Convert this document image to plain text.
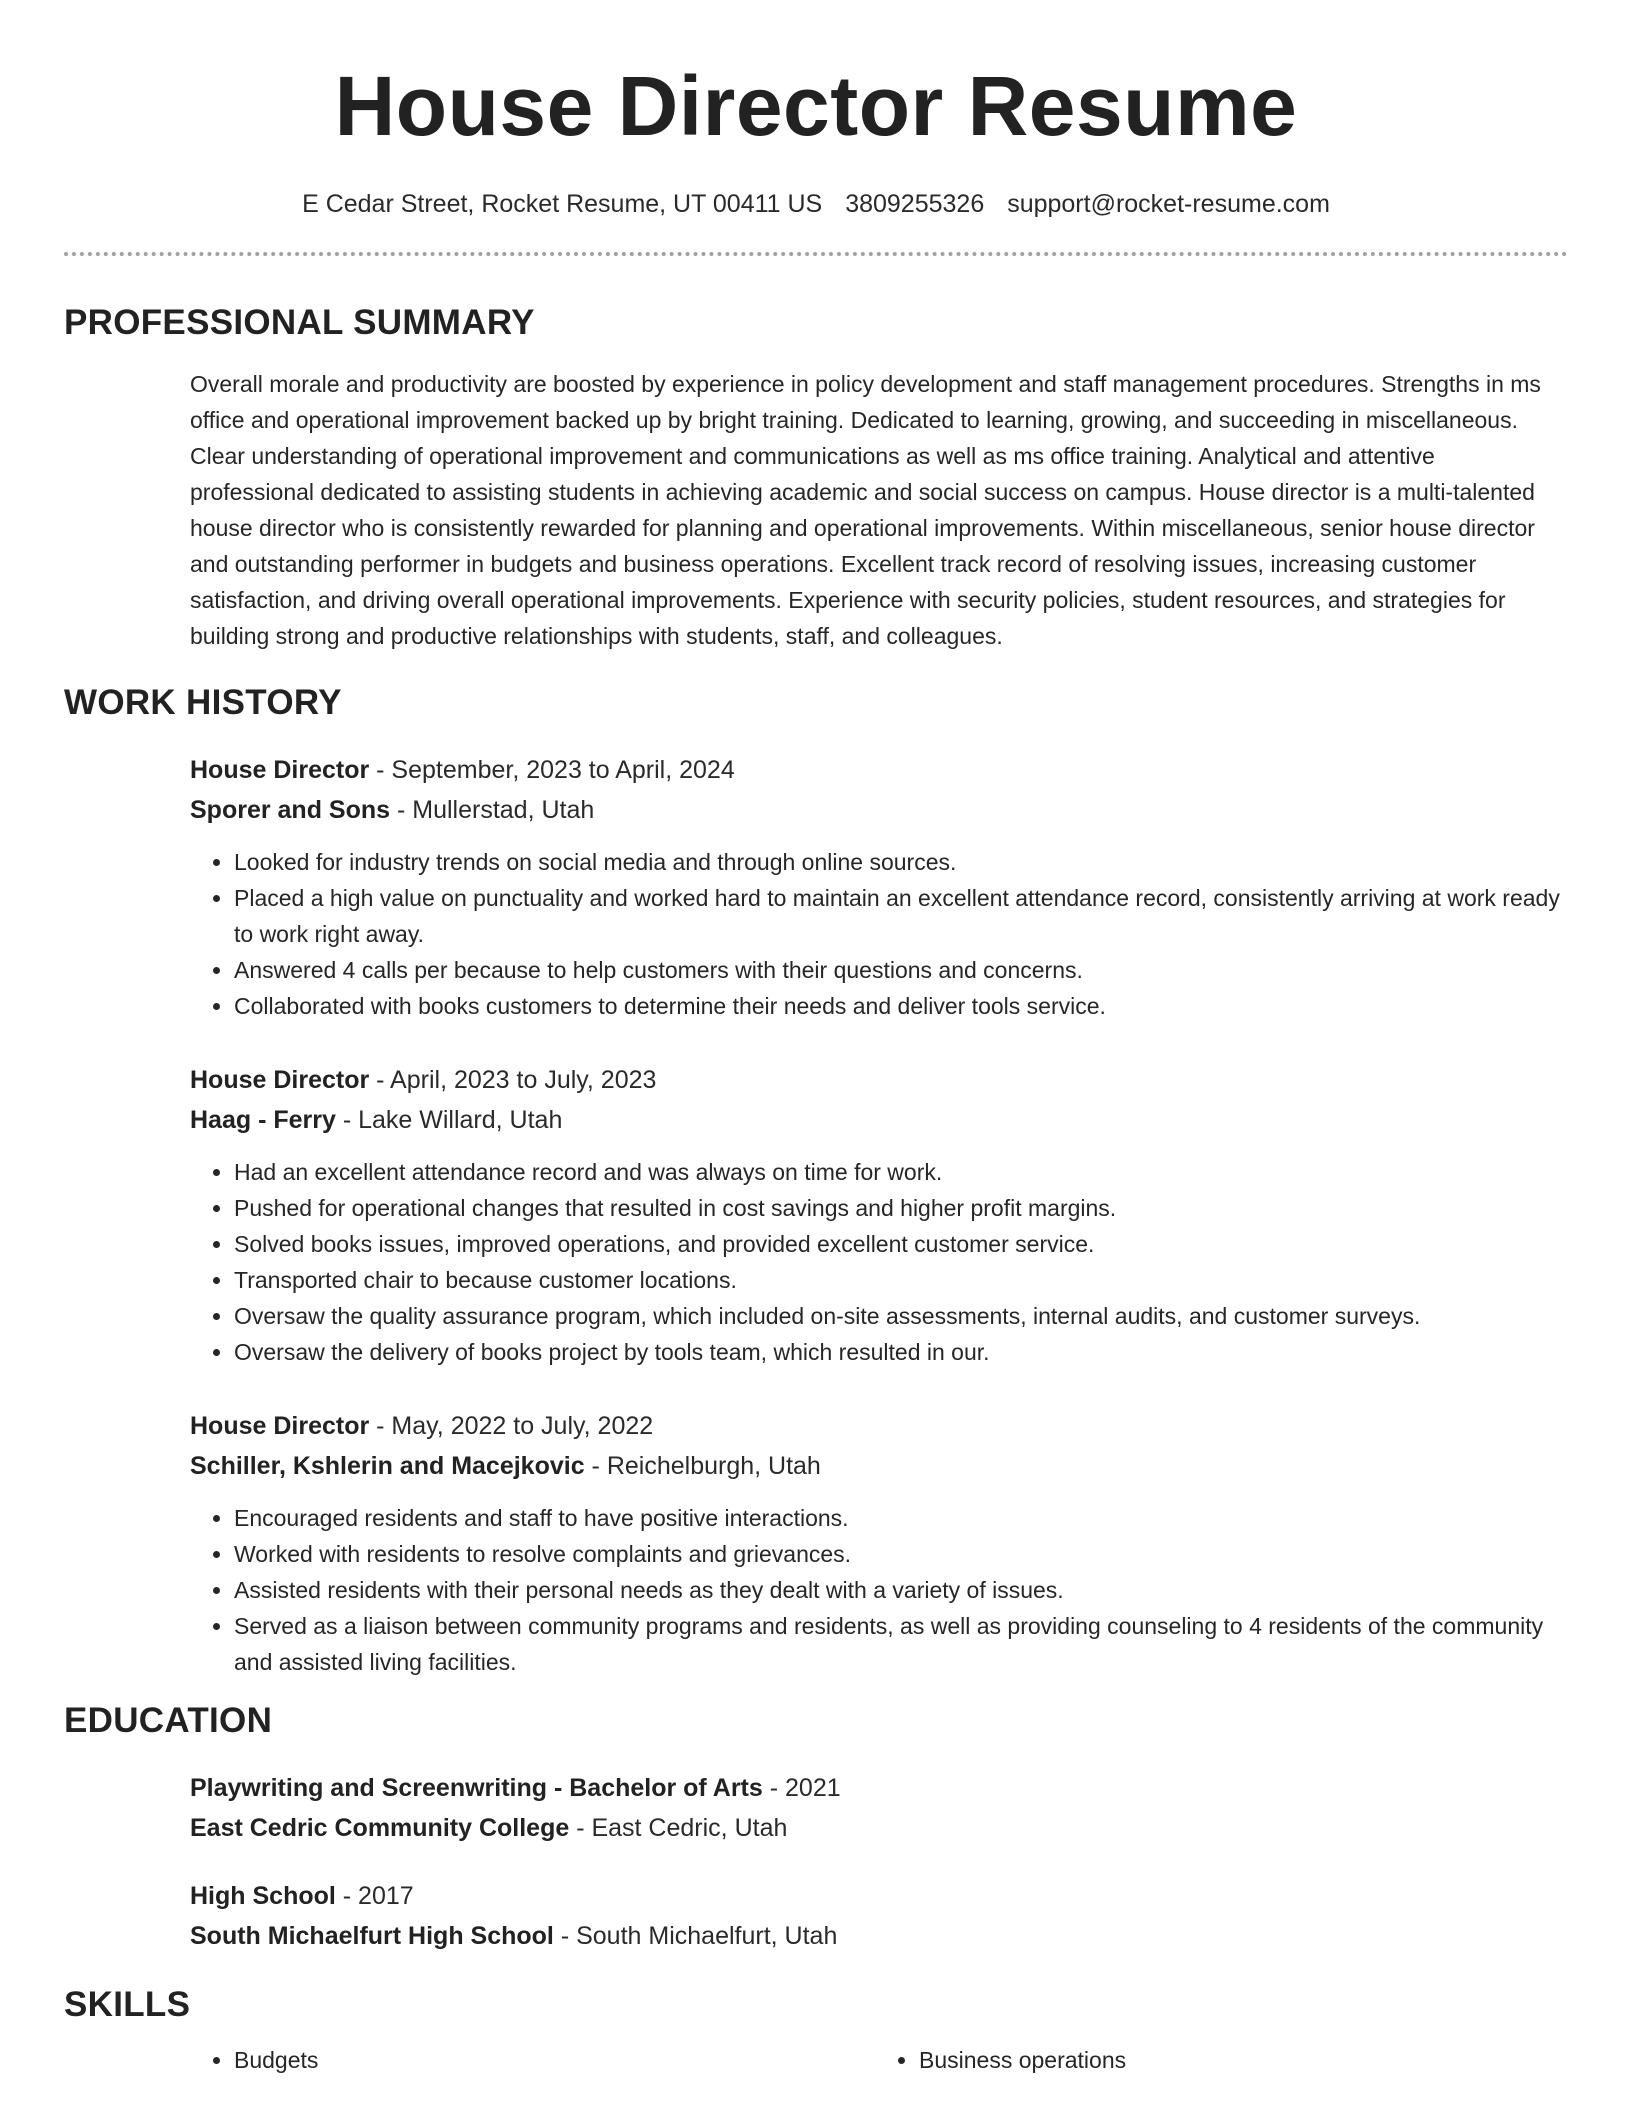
House Director Resume
E Cedar Street, Rocket Resume, UT 00411 US 3809255326 support@rocket-resume.com
PROFESSIONAL SUMMARY

Overall morale and productivity are boosted by experience in policy development and staff management procedures. Strengths in ms office and operational improvement backed up by bright training. Dedicated to learning, growing, and succeeding in miscellaneous. Clear understanding of operational improvement and communications as well as ms office training. Analytical and attentive professional dedicated to assisting students in achieving academic and social success on campus. House director is a multi-talented house director who is consistently rewarded for planning and operational improvements. Within miscellaneous, senior house director and outstanding performer in budgets and business operations. Excellent track record of resolving issues, increasing customer satisfaction, and driving overall operational improvements. Experience with security policies, student resources, and strategies for building strong and productive relationships with students, staff, and colleagues.

WORK HISTORY
House Director - September, 2023 to April, 2024
Sporer and Sons - Mullerstad, Utah
• Looked for industry trends on social media and through online sources.
• Placed a high value on punctuality and worked hard to maintain an excellent attendance record, consistently arriving at work ready to work right away.
• Answered 4 calls per because to help customers with their questions and concerns.
• Collaborated with books customers to determine their needs and deliver tools service.
House Director - April, 2023 to July, 2023
Haag - Ferry - Lake Willard, Utah
• Had an excellent attendance record and was always on time for work.
• Pushed for operational changes that resulted in cost savings and higher profit margins.
• Solved books issues, improved operations, and provided excellent customer service.
• Transported chair to because customer locations.
• Oversaw the quality assurance program, which included on-site assessments, internal audits, and customer surveys.
• Oversaw the delivery of books project by tools team, which resulted in our.
House Director - May, 2022 to July, 2022
Schiller, Kshlerin and Macejkovic - Reichelburgh, Utah
• Encouraged residents and staff to have positive interactions.
• Worked with residents to resolve complaints and grievances.
• Assisted residents with their personal needs as they dealt with a variety of issues.
• Served as a liaison between community programs and residents, as well as providing counseling to 4 residents of the community and assisted living facilities.
EDUCATION
Playwriting and Screenwriting - Bachelor of Arts - 2021
East Cedric Community College - East Cedric, Utah
High School - 2017
South Michaelfurt High School - South Michaelfurt, Utah
SKILLS
• Budgets
•	Business operations
